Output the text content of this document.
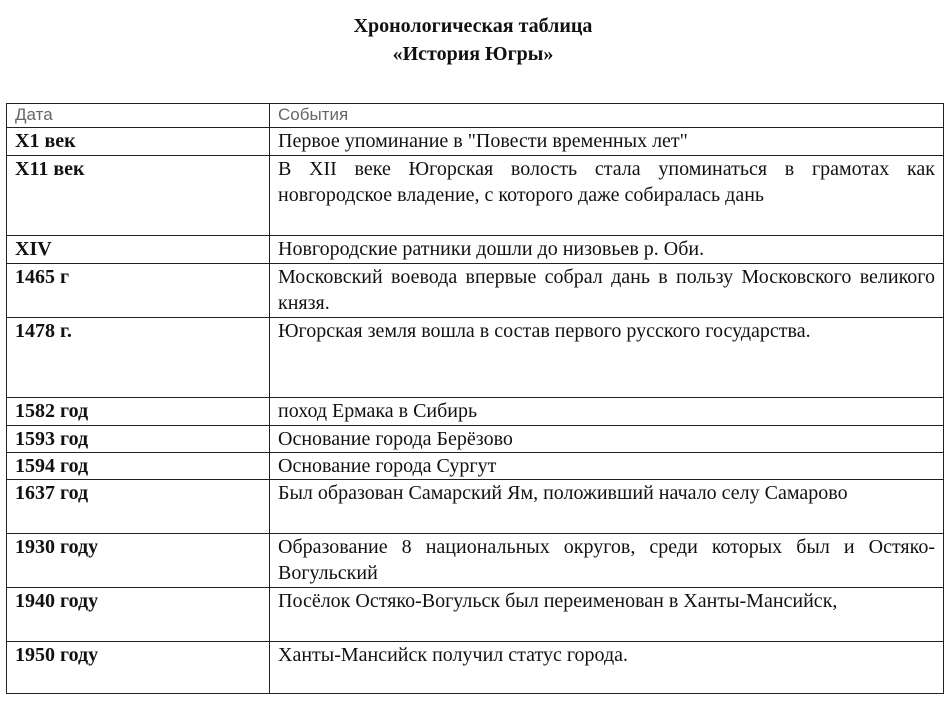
Хронологическая таблица
«История Югры»
Дата	События
Х1 век	Первое упоминание в "Повести временных лет"
Х11 век	В XII веке Югорская волость стала упоминаться в грамотах как новгородское владение, с которого даже собиралась дань
XIV	Новгородские ратники дошли до низовьев р. Оби.
1465 г	Московский воевода впервые собрал дань в пользу Московского великого князя.
1478 г.	Югорская земля вошла в состав первого русского государства.
1582 год	поход Ермака в Сибирь
1593 год	Основание города Берёзово
1594 год	Основание города Сургут
1637 год	Был образован Самарский Ям, положивший начало селу Самарово
1930 году	Образование 8 национальных округов, среди которых был и Остяко-Вогульский
1940 году	Посёлок Остяко-Вогульск был переименован в Ханты-Мансийск,
1950 году	Ханты-Мансийск получил статус города.
